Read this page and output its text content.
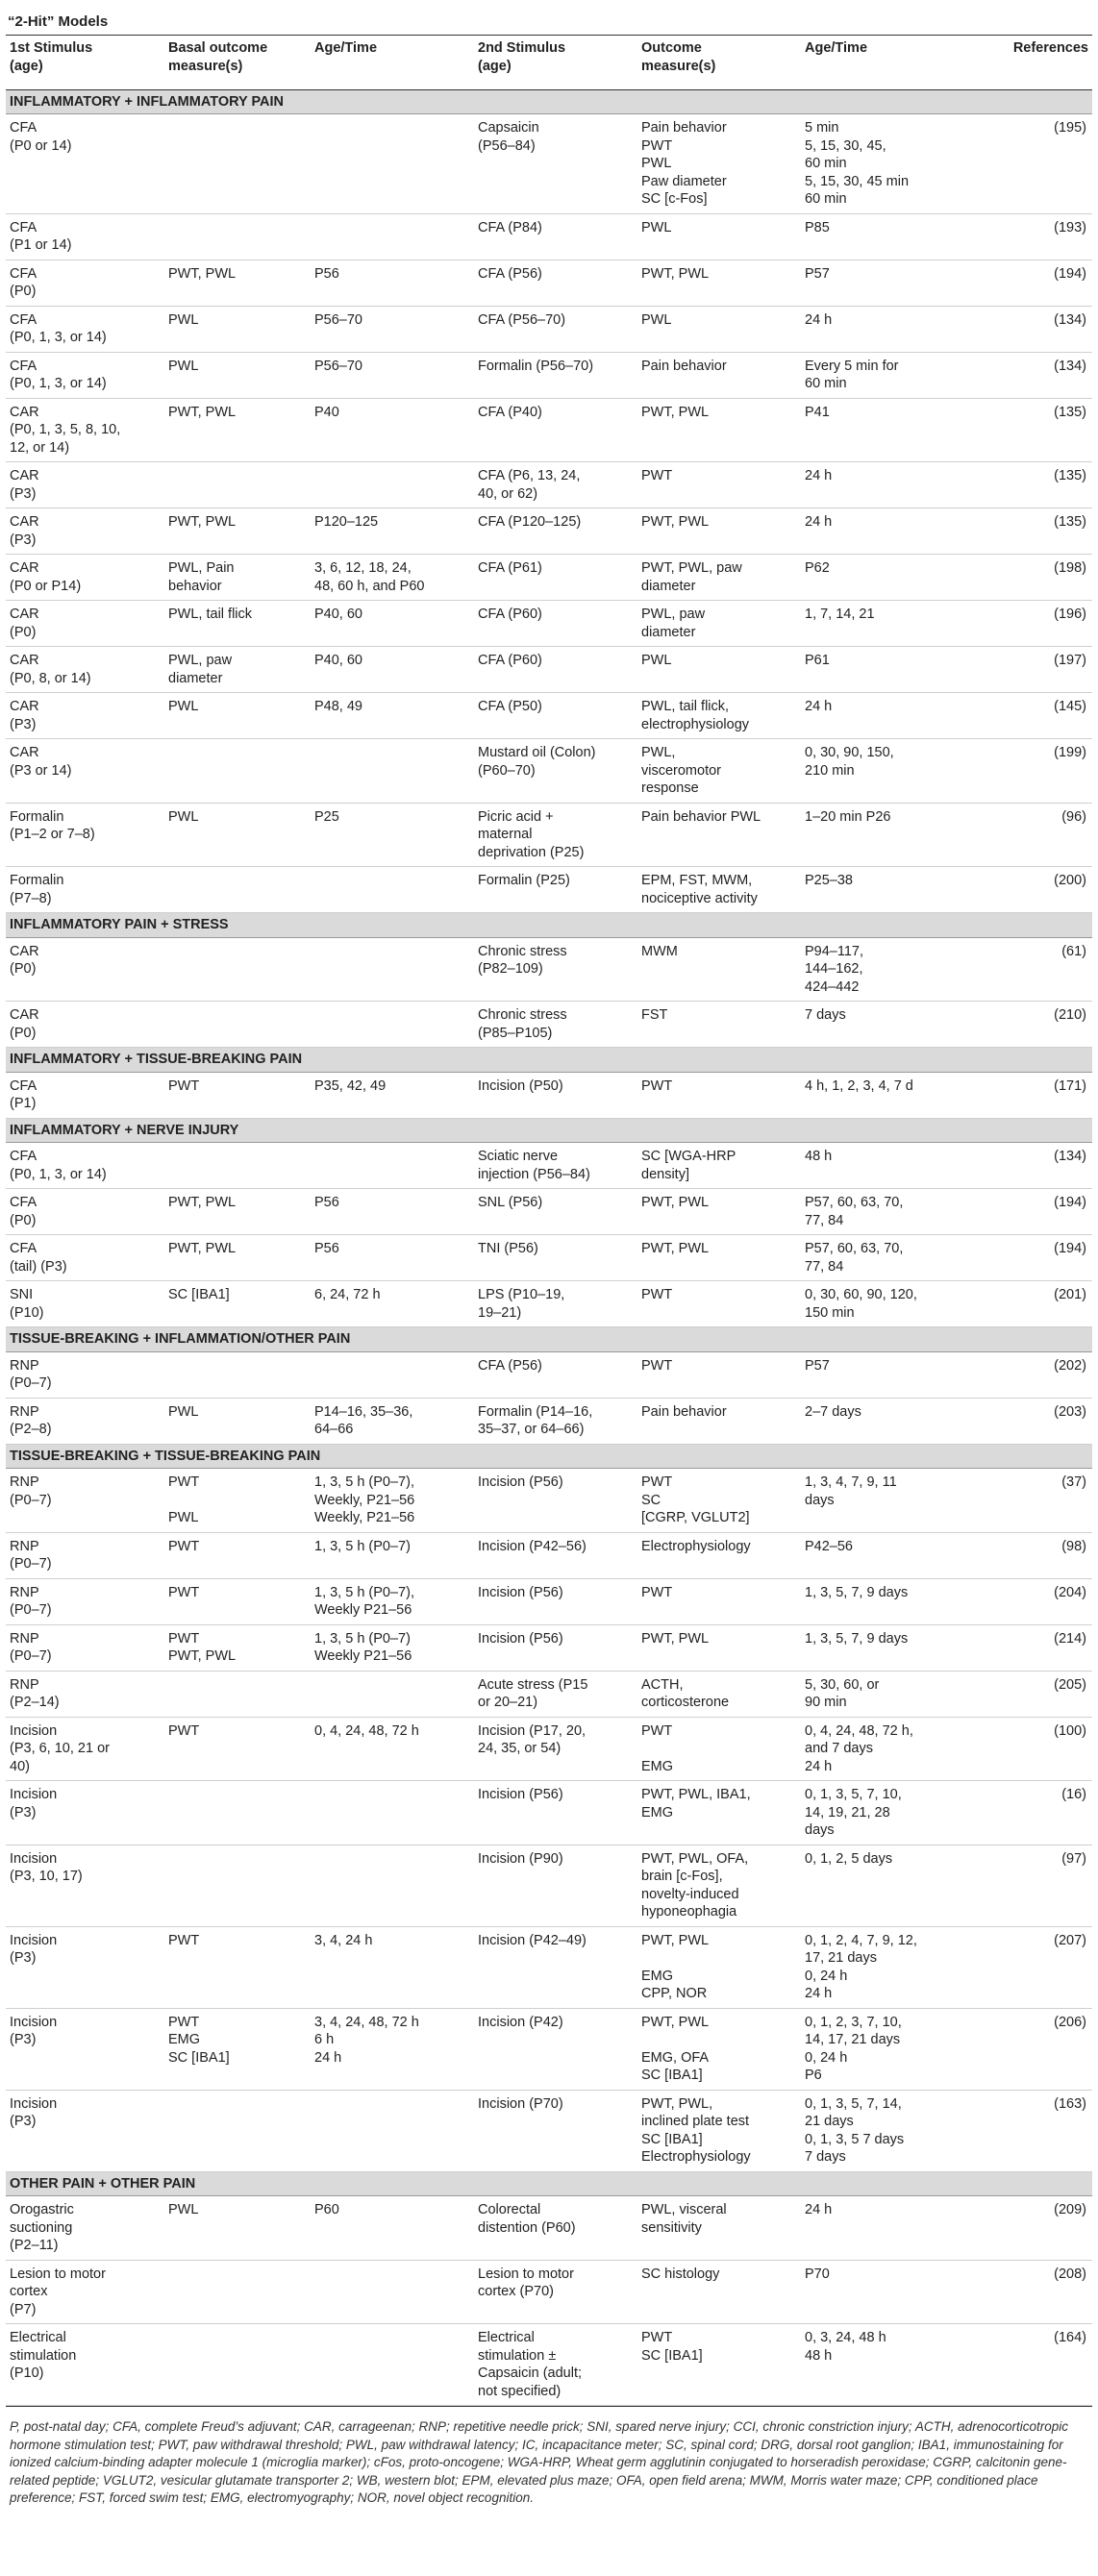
“2-Hit” Models
1st Stimulus
(age)	Basal outcome
measure(s)	Age/Time	2nd Stimulus
(age)	Outcome
measure(s)	Age/Time	References
INFLAMMATORY + INFLAMMATORY PAIN						
CFA
(P0 or 14)			Capsaicin
(P56–84)	Pain behavior
PWT
PWL
Paw diameter
SC [c-Fos]	5 min
5, 15, 30, 45,
60 min
5, 15, 30, 45 min
60 min	(195)
CFA
(P1 or 14)			CFA (P84)	PWL	P85	(193)
CFA
(P0)	PWT, PWL	P56	CFA (P56)	PWT, PWL	P57	(194)
CFA
(P0, 1, 3, or 14)	PWL	P56–70	CFA (P56–70)	PWL	24 h	(134)
CFA
(P0, 1, 3, or 14)	PWL	P56–70	Formalin (P56–70)	Pain behavior	Every 5 min for
60 min	(134)
CAR
(P0, 1, 3, 5, 8, 10,
12, or 14)	PWT, PWL	P40	CFA (P40)	PWT, PWL	P41	(135)
CAR
(P3)			CFA (P6, 13, 24,
40, or 62)	PWT	24 h	(135)
CAR
(P3)	PWT, PWL	P120–125	CFA (P120–125)	PWT, PWL	24 h	(135)
CAR
(P0 or P14)	PWL, Pain
behavior	3, 6, 12, 18, 24,
48, 60 h, and P60	CFA (P61)	PWT, PWL, paw
diameter	P62	(198)
CAR
(P0)	PWL, tail flick	P40, 60	CFA (P60)	PWL, paw
diameter	1, 7, 14, 21	(196)
CAR
(P0, 8, or 14)	PWL, paw
diameter	P40, 60	CFA (P60)	PWL	P61	(197)
CAR
(P3)	PWL	P48, 49	CFA (P50)	PWL, tail flick,
electrophysiology	24 h	(145)
CAR
(P3 or 14)			Mustard oil (Colon)
(P60–70)	PWL,
visceromotor
response	0, 30, 90, 150,
210 min	(199)
Formalin
(P1–2 or 7–8)	PWL	P25	Picric acid +
maternal
deprivation (P25)	Pain behavior PWL	1–20 min P26	(96)
Formalin
(P7–8)			Formalin (P25)	EPM, FST, MWM,
nociceptive activity	P25–38	(200)
INFLAMMATORY PAIN + STRESS						
CAR
(P0)			Chronic stress
(P82–109)	MWM	P94–117,
144–162,
424–442	(61)
CAR
(P0)			Chronic stress
(P85–P105)	FST	7 days	(210)
INFLAMMATORY + TISSUE-BREAKING PAIN						
CFA
(P1)	PWT	P35, 42, 49	Incision (P50)	PWT	4 h, 1, 2, 3, 4, 7 d	(171)
INFLAMMATORY + NERVE INJURY						
CFA
(P0, 1, 3, or 14)			Sciatic nerve
injection (P56–84)	SC [WGA-HRP
density]	48 h	(134)
CFA
(P0)	PWT, PWL	P56	SNL (P56)	PWT, PWL	P57, 60, 63, 70,
77, 84	(194)
CFA
(tail) (P3)	PWT, PWL	P56	TNI (P56)	PWT, PWL	P57, 60, 63, 70,
77, 84	(194)
SNI
(P10)	SC [IBA1]	6, 24, 72 h	LPS (P10–19,
19–21)	PWT	0, 30, 60, 90, 120,
150 min	(201)
TISSUE-BREAKING + INFLAMMATION/OTHER PAIN						
RNP
(P0–7)			CFA (P56)	PWT	P57	(202)
RNP
(P2–8)	PWL	P14–16, 35–36,
64–66	Formalin (P14–16,
35–37, or 64–66)	Pain behavior	2–7 days	(203)
TISSUE-BREAKING + TISSUE-BREAKING PAIN						
RNP
(P0–7)	PWT

PWL	1, 3, 5 h (P0–7),
Weekly, P21–56
Weekly, P21–56	Incision (P56)	PWT
SC
[CGRP, VGLUT2]	1, 3, 4, 7, 9, 11
days	(37)
RNP
(P0–7)	PWT	1, 3, 5 h (P0–7)	Incision (P42–56)	Electrophysiology	P42–56	(98)
RNP
(P0–7)	PWT	1, 3, 5 h (P0–7),
Weekly P21–56	Incision (P56)	PWT	1, 3, 5, 7, 9 days	(204)
RNP
(P0–7)	PWT
PWT, PWL	1, 3, 5 h (P0–7)
Weekly P21–56	Incision (P56)	PWT, PWL	1, 3, 5, 7, 9 days	(214)
RNP
(P2–14)			Acute stress (P15
or 20–21)	ACTH,
corticosterone	5, 30, 60, or
90 min	(205)
Incision
(P3, 6, 10, 21 or
40)	PWT	0, 4, 24, 48, 72 h	Incision (P17, 20,
24, 35, or 54)	PWT

EMG	0, 4, 24, 48, 72 h,
and 7 days
24 h	(100)
Incision
(P3)			Incision (P56)	PWT, PWL, IBA1,
EMG	0, 1, 3, 5, 7, 10,
14, 19, 21, 28
days	(16)
Incision
(P3, 10, 17)			Incision (P90)	PWT, PWL, OFA,
brain [c-Fos],
novelty-induced
hyponeophagia	0, 1, 2, 5 days	(97)
Incision
(P3)	PWT	3, 4, 24 h	Incision (P42–49)	PWT, PWL

EMG
CPP, NOR	0, 1, 2, 4, 7, 9, 12,
17, 21 days
0, 24 h
24 h	(207)
Incision
(P3)	PWT
EMG
SC [IBA1]	3, 4, 24, 48, 72 h
6 h
24 h	Incision (P42)	PWT, PWL

EMG, OFA
SC [IBA1]	0, 1, 2, 3, 7, 10,
14, 17, 21 days
0, 24 h
P6	(206)
Incision
(P3)			Incision (P70)	PWT, PWL,
inclined plate test
SC [IBA1]
Electrophysiology	0, 1, 3, 5, 7, 14,
21 days
0, 1, 3, 5 7 days
7 days	(163)
OTHER PAIN + OTHER PAIN						
Orogastric
suctioning
(P2–11)	PWL	P60	Colorectal
distention (P60)	PWL, visceral
sensitivity	24 h	(209)
Lesion to motor
cortex
(P7)			Lesion to motor
cortex (P70)	SC histology	P70	(208)
Electrical
stimulation
(P10)			Electrical
stimulation ±
Capsaicin (adult;
not specified)	PWT
SC [IBA1]	0, 3, 24, 48 h
48 h	(164)
P, post-natal day; CFA, complete Freud’s adjuvant; CAR, carrageenan; RNP; repetitive needle prick; SNI, spared nerve injury; CCI, chronic constriction injury; ACTH, adrenocorticotropic hormone stimulation test; PWT, paw withdrawal threshold; PWL, paw withdrawal latency; IC, incapacitance meter; SC, spinal cord; DRG, dorsal root ganglion; IBA1, immunostaining for ionized calcium-binding adapter molecule 1 (microglia marker); cFos, proto-oncogene; WGA-HRP, Wheat germ agglutinin conjugated to horseradish peroxidase; CGRP, calcitonin gene-related peptide; VGLUT2, vesicular glutamate transporter 2; WB, western blot; EPM, elevated plus maze; OFA, open field arena; MWM, Morris water maze; CPP, conditioned place preference; FST, forced swim test; EMG, electromyography; NOR, novel object recognition.
